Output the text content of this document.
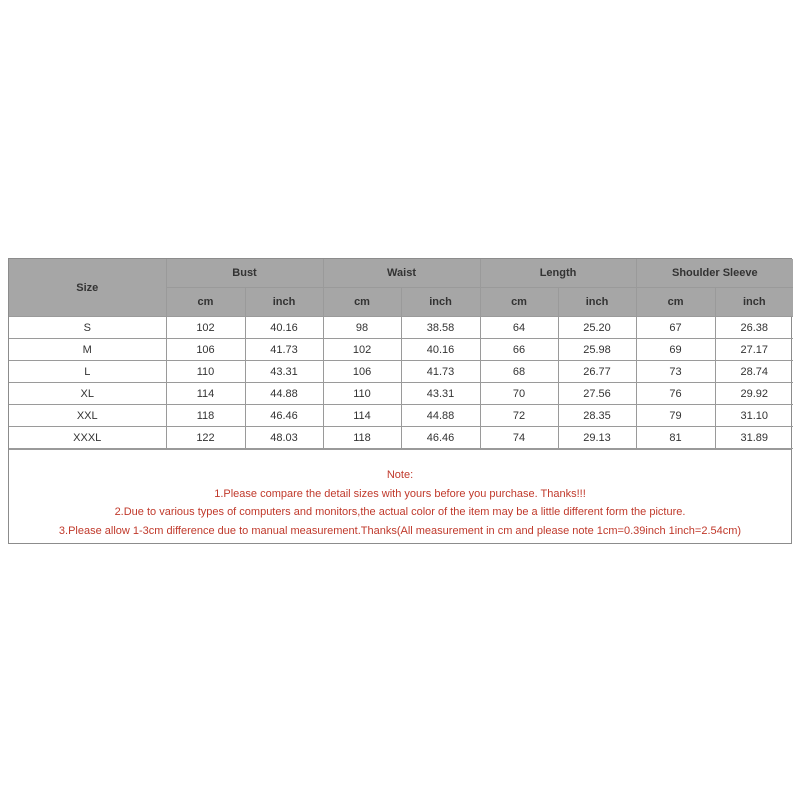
Size	Bust		Waist		Length		Shoulder Sleeve	
	cm	inch	cm	inch	cm	inch	cm	inch
S	102	40.16	98	38.58	64	25.20	67	26.38
M	106	41.73	102	40.16	66	25.98	69	27.17
L	110	43.31	106	41.73	68	26.77	73	28.74
XL	114	44.88	110	43.31	70	27.56	76	29.92
XXL	118	46.46	114	44.88	72	28.35	79	31.10
XXXL	122	48.03	118	46.46	74	29.13	81	31.89
Note:
1.Please compare the detail sizes with yours before you purchase. Thanks!!!
2.Due to various types of computers and monitors,the actual color of the item may be a little different form the picture.
3.Please allow 1-3cm difference due to manual measurement.Thanks(All measurement in cm and please note 1cm=0.39inch 1inch=2.54cm)
